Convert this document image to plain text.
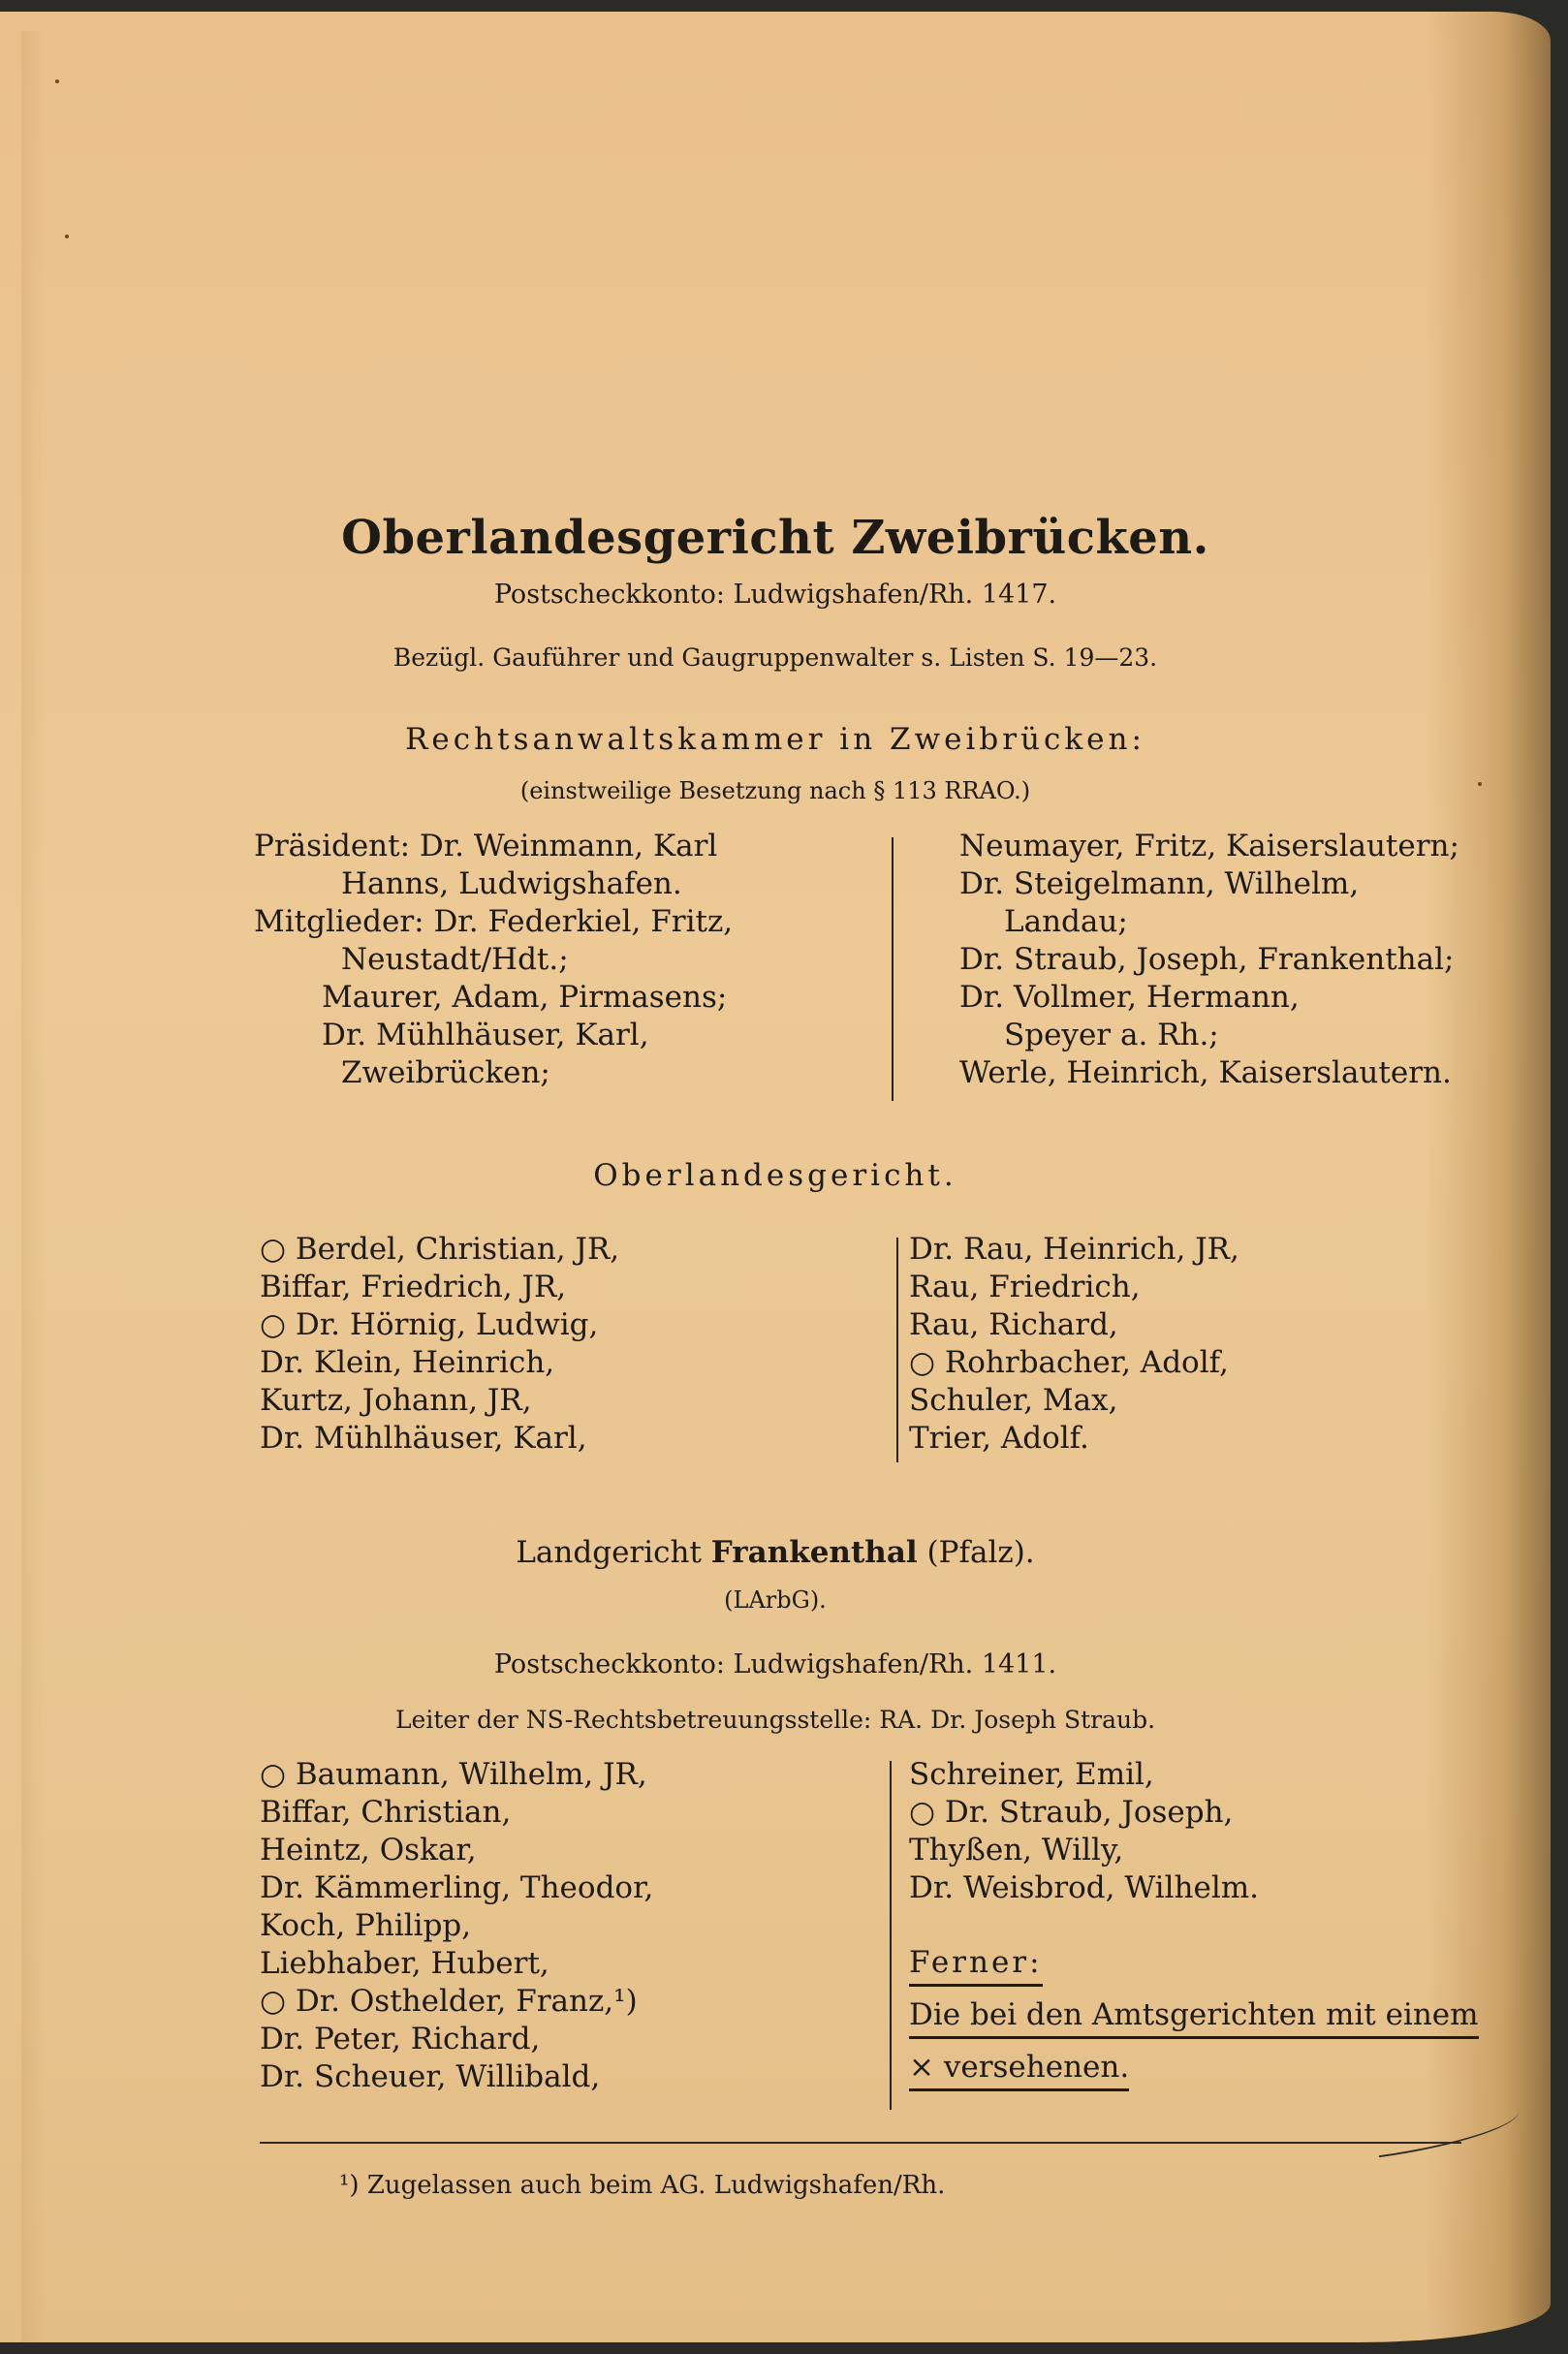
Oberlandesgericht Zweibrücken.
Postscheckkonto: Ludwigshafen/Rh. 1417.
Bezügl. Gauführer und Gaugruppenwalter s. Listen S. 19—23.
Rechtsanwaltskammer in Zweibrücken:
(einstweilige Besetzung nach § 113 RRAO.)
Präsident: Dr. Weinmann, Karl
Hanns, Ludwigshafen.
Mitglieder: Dr. Federkiel, Fritz,
Neustadt/Hdt.;
Maurer, Adam, Pirmasens;
Dr. Mühlhäuser, Karl,
Zweibrücken;
Neumayer, Fritz, Kaiserslautern;
Dr. Steigelmann, Wilhelm,
Landau;
Dr. Straub, Joseph, Frankenthal;
Dr. Vollmer, Hermann,
Speyer a. Rh.;
Werle, Heinrich, Kaiserslautern.
Oberlandesgericht.
○ Berdel, Christian, JR,
Biffar, Friedrich, JR,
○ Dr. Hörnig, Ludwig,
Dr. Klein, Heinrich,
Kurtz, Johann, JR,
Dr. Mühlhäuser, Karl,
Dr. Rau, Heinrich, JR,
Rau, Friedrich,
Rau, Richard,
○ Rohrbacher, Adolf,
Schuler, Max,
Trier, Adolf.
Landgericht Frankenthal (Pfalz).
(LArbG).
Postscheckkonto: Ludwigshafen/Rh. 1411.
Leiter der NS-Rechtsbetreuungsstelle: RA. Dr. Joseph Straub.
○ Baumann, Wilhelm, JR,
Biffar, Christian,
Heintz, Oskar,
Dr. Kämmerling, Theodor,
Koch, Philipp,
Liebhaber, Hubert,
○ Dr. Osthelder, Franz,¹)
Dr. Peter, Richard,
Dr. Scheuer, Willibald,
Schreiner, Emil,
○ Dr. Straub, Joseph,
Thyßen, Willy,
Dr. Weisbrod, Wilhelm.
Ferner:
Die bei den Amtsgerichten mit einem
× versehenen.
¹) Zugelassen auch beim AG. Ludwigshafen/Rh.
